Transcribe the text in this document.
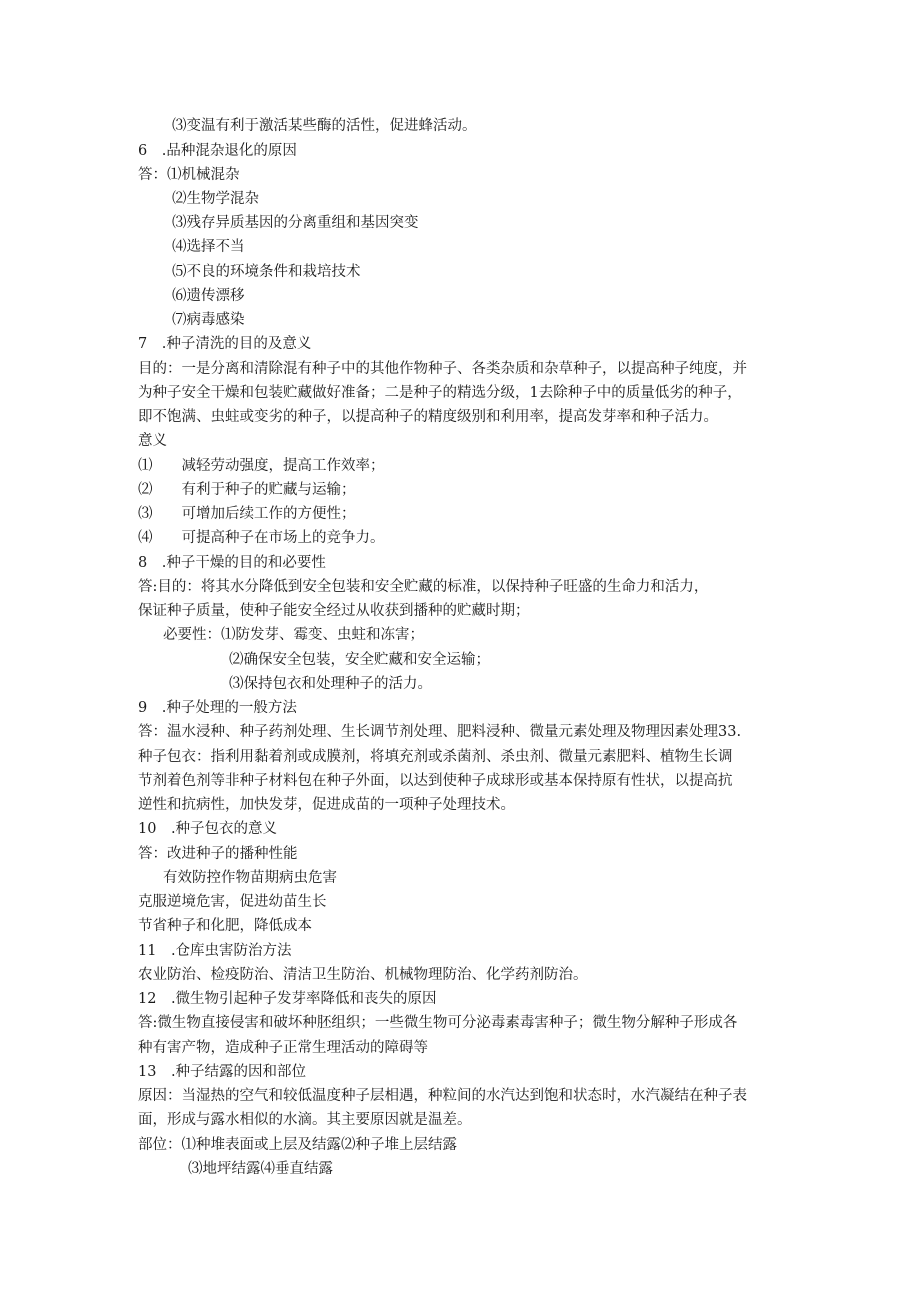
⑶变温有利于激活某些酶的活性，促进蜂活动。
6　.品种混杂退化的原因
答：⑴机械混杂
⑵生物学混杂
⑶残存异质基因的分离重组和基因突变
⑷选择不当
⑸不良的环境条件和栽培技术
⑹遗传漂移
⑺病毒感染
7　.种子清洗的目的及意义
目的：一是分离和清除混有种子中的其他作物种子、各类杂质和杂草种子，以提高种子纯度，并
为种子安全干燥和包装贮藏做好准备；二是种子的精选分级，1去除种子中的质量低劣的种子，
即不饱满、虫蛀或变劣的种子，以提高种子的精度级别和利用率，提高发芽率和种子活力。
意义
⑴　　减轻劳动强度，提高工作效率；
⑵　　有利于种子的贮藏与运输；
⑶　　可增加后续工作的方便性；
⑷　　可提高种子在市场上的竞争力。
8　.种子干燥的目的和必要性
答:目的：将其水分降低到安全包装和安全贮藏的标准，以保持种子旺盛的生命力和活力，
保证种子质量，使种子能安全经过从收获到播种的贮藏时期；
必要性：⑴防发芽、霉变、虫蛀和冻害；
⑵确保安全包装，安全贮藏和安全运输；
⑶保持包衣和处理种子的活力。
9　.种子处理的一般方法
答：温水浸种、种子药剂处理、生长调节剂处理、肥料浸种、微量元素处理及物理因素处理33.
种子包衣：指利用黏着剂或成膜剂，将填充剂或杀菌剂、杀虫剂、微量元素肥料、植物生长调
节剂着色剂等非种子材料包在种子外面，以达到使种子成球形或基本保持原有性状，以提高抗
逆性和抗病性，加快发芽，促进成苗的一项种子处理技术。
10　.种子包衣的意义
答：改进种子的播种性能
有效防控作物苗期病虫危害
克服逆境危害，促进幼苗生长
节省种子和化肥，降低成本
11　.仓库虫害防治方法
农业防治、检疫防治、清洁卫生防治、机械物理防治、化学药剂防治。
12　.微生物引起种子发芽率降低和丧失的原因
答:微生物直接侵害和破坏种胚组织；一些微生物可分泌毒素毒害种子；微生物分解种子形成各
种有害产物，造成种子正常生理活动的障碍等
13　.种子结露的因和部位
原因：当湿热的空气和较低温度种子层相遇，种粒间的水汽达到饱和状态时，水汽凝结在种子表
面，形成与露水相似的水滴。其主要原因就是温差。
部位：⑴种堆表面或上层及结露⑵种子堆上层结露
⑶地坪结露⑷垂直结露
